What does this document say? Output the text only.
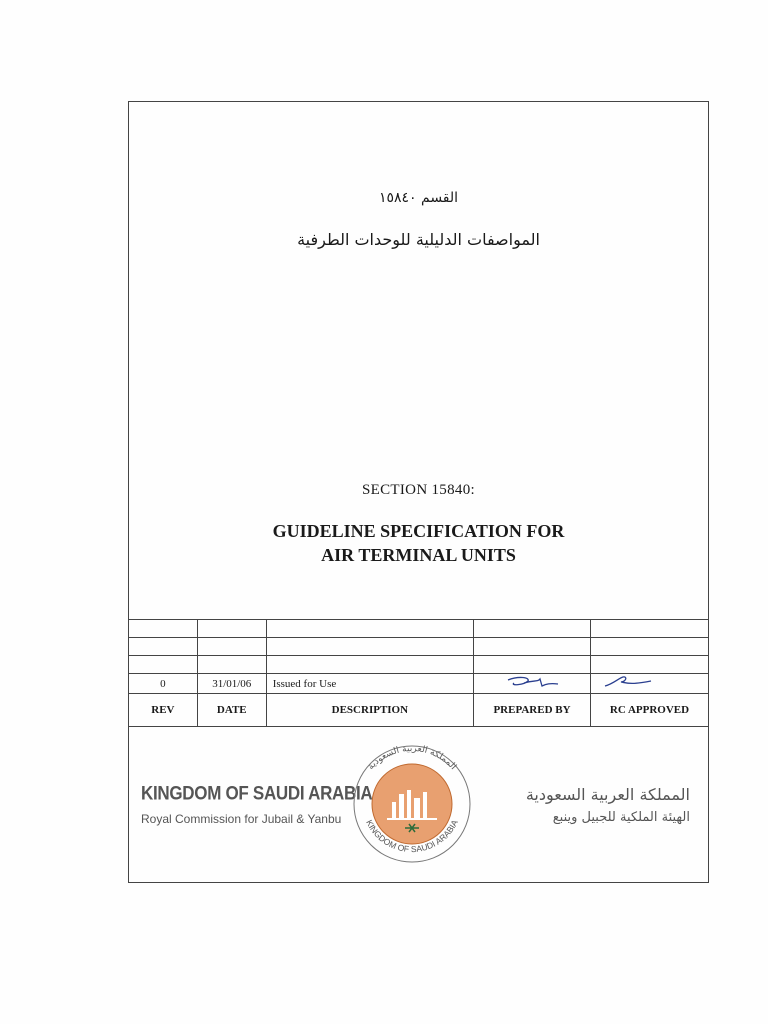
القسم ١٥٨٤٠
المواصفات الدليلية للوحدات الطرفية
SECTION 15840:
GUIDELINE SPECIFICATION FOR
AIR TERMINAL UNITS

0	31/01/06	Issued for Use		
REV	DATE	DESCRIPTION	PREPARED BY	RC APPROVED
KINGDOM OF SAUDI ARABIA
Royal Commission for Jubail & Yanbu
المملكة العربية السعودية
KINGDOM OF SAUDI ARABIA
المملكة العربية السعودية
الهيئة الملكية للجبيل وينبع
